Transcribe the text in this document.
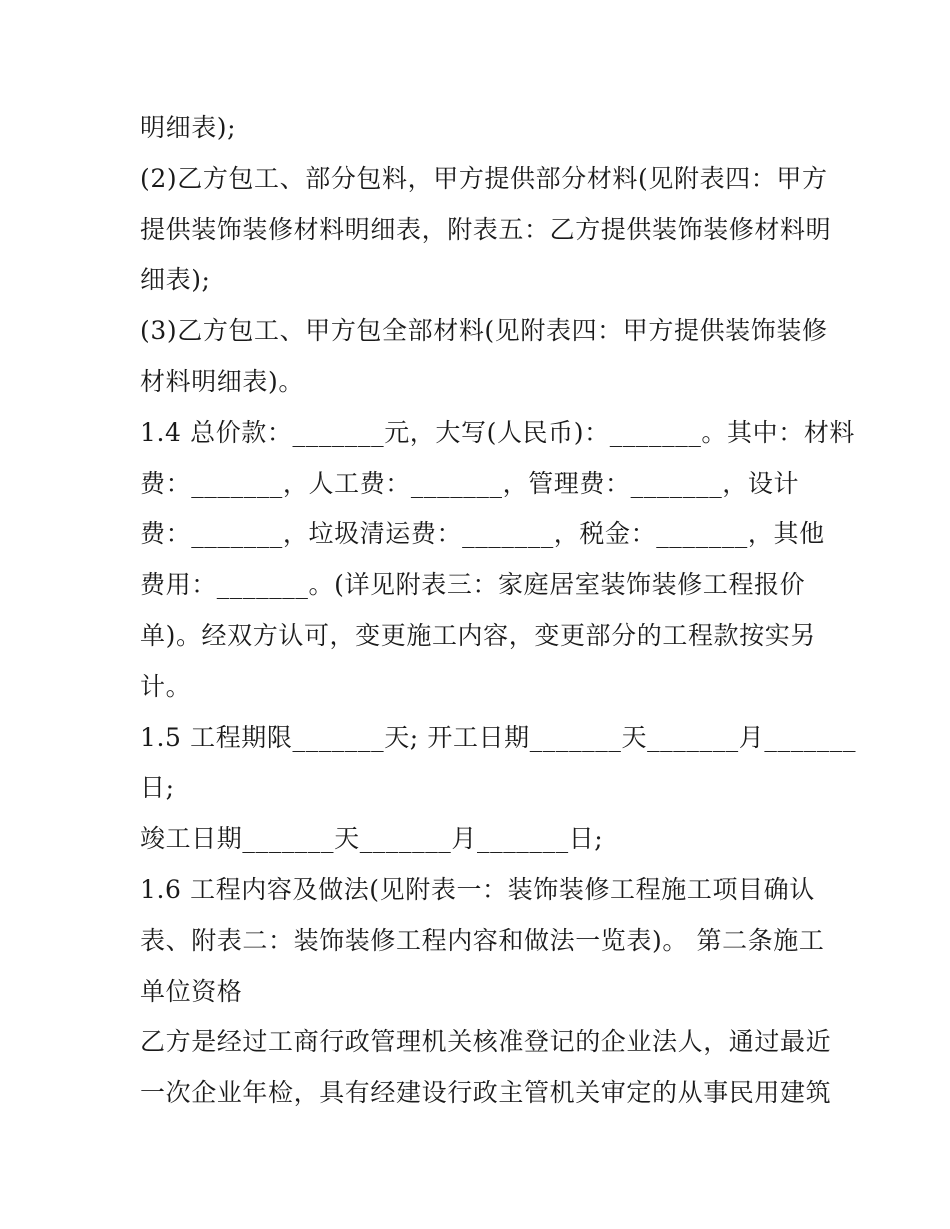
明细表);
(2)乙方包工、部分包料，甲方提供部分材料(见附表四：甲方
提供装饰装修材料明细表，附表五：乙方提供装饰装修材料明
细表);
(3)乙方包工、甲方包全部材料(见附表四：甲方提供装饰装修
材料明细表)。
1.4 总价款：_______元，大写(人民币)：_______。其中：材料
费：_______，人工费：_______，管理费：_______，设计
费：_______，垃圾清运费：_______，税金：_______，其他
费用：_______。(详见附表三：家庭居室装饰装修工程报价
单)。经双方认可，变更施工内容，变更部分的工程款按实另
计。
1.5 工程期限_______天; 开工日期_______天_______月_______
日;
竣工日期_______天_______月_______日;
1.6 工程内容及做法(见附表一：装饰装修工程施工项目确认
表、附表二：装饰装修工程内容和做法一览表)。 第二条施工
单位资格
乙方是经过工商行政管理机关核准登记的企业法人，通过最近
一次企业年检，具有经建设行政主管机关审定的从事民用建筑
